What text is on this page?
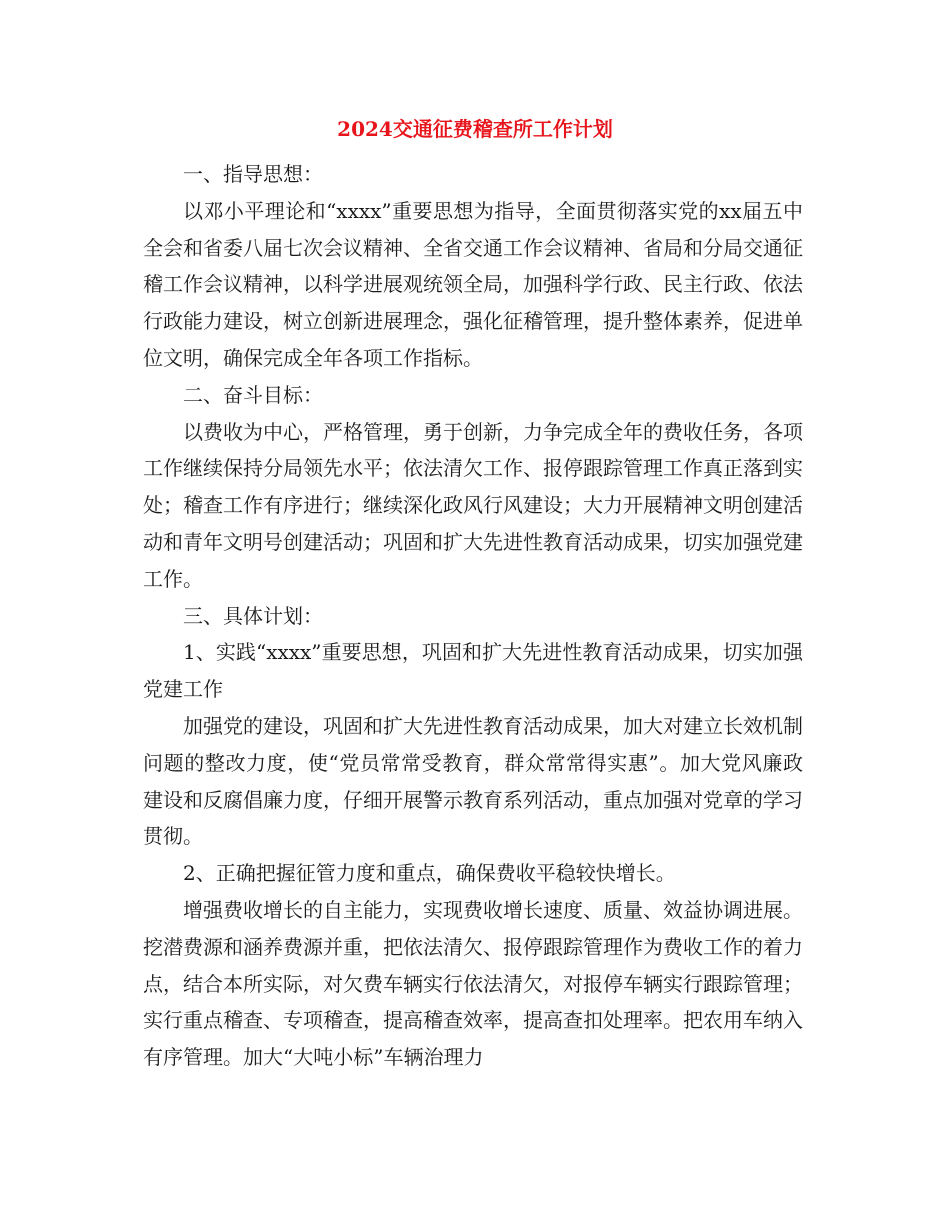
2024交通征费稽查所工作计划

一、指导思想：

以邓小平理论和“xxxx”重要思想为指导，全面贯彻落实党的xx届五中全会和省委八届七次会议精神、全省交通工作会议精神、省局和分局交通征稽工作会议精神，以科学进展观统领全局，加强科学行政、民主行政、依法行政能力建设，树立创新进展理念，强化征稽管理，提升整体素养，促进单位文明，确保完成全年各项工作指标。

二、奋斗目标：

以费收为中心，严格管理，勇于创新，力争完成全年的费收任务，各项工作继续保持分局领先水平；依法清欠工作、报停跟踪管理工作真正落到实处；稽查工作有序进行；继续深化政风行风建设；大力开展精神文明创建活动和青年文明号创建活动；巩固和扩大先进性教育活动成果，切实加强党建工作。

三、具体计划：

1、实践“xxxx”重要思想，巩固和扩大先进性教育活动成果，切实加强党建工作

加强党的建设，巩固和扩大先进性教育活动成果，加大对建立长效机制问题的整改力度，使“党员常常受教育，群众常常得实惠”。加大党风廉政建设和反腐倡廉力度，仔细开展警示教育系列活动，重点加强对党章的学习贯彻。

2、正确把握征管力度和重点，确保费收平稳较快增长。

增强费收增长的自主能力，实现费收增长速度、质量、效益协调进展。挖潜费源和涵养费源并重，把依法清欠、报停跟踪管理作为费收工作的着力点，结合本所实际，对欠费车辆实行依法清欠，对报停车辆实行跟踪管理；实行重点稽查、专项稽查，提高稽查效率，提高查扣处理率。把农用车纳入有序管理。加大“大吨小标”车辆治理力
